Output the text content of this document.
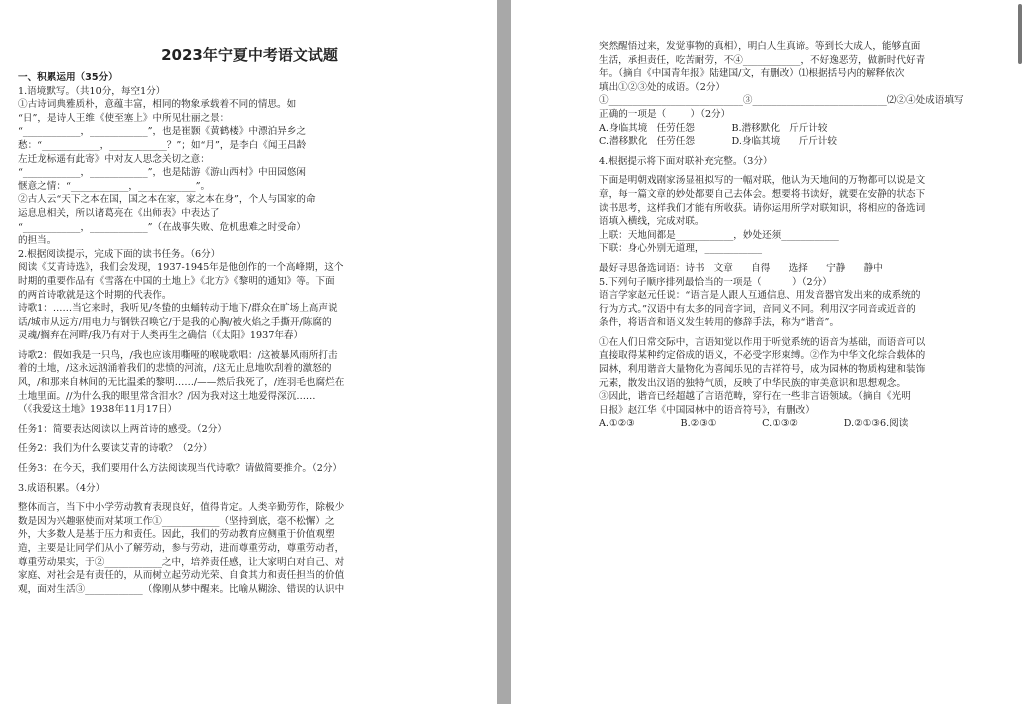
2023年宁夏中考语文试题
一、积累运用（35分）
1.语境默写。（共10分，每空1分）
①古诗词典雅质朴，意蕴丰富，相同的物象承载着不同的情思。如
“日”，是诗人王维《使至塞上》中所见壮丽之景：
“____________，____________”，也是崔颢《黄鹤楼》中漂泊异乡之
愁：“____________，____________？”；如“月”，是李白《闻王昌龄
左迁龙标遥有此寄》中对友人思念关切之意：
“____________，____________”，也是陆游《游山西村》中田园悠闲
惬意之情：“____________，____________”。
②古人云“天下之本在国，国之本在家，家之本在身”，个人与国家的命
运息息相关，所以诸葛亮在《出师表》中表达了
“____________，____________”（在战事失败、危机患难之时受命）
的担当。
2.根据阅读提示，完成下面的读书任务。（6分）
阅读《艾青诗选》，我们会发现，1937-1945年是他创作的一个高峰期，这个
时期的重要作品有《雪落在中国的土地上》《北方》《黎明的通知》等。下面
的两首诗歌就是这个时期的代表作。
诗歌1：……当它来时，我听见/冬蛰的虫蛹转动于地下/群众在旷场上高声说
话/城市从远方/用电力与钢铁召唤它/于是我的心胸/被火焰之手撕开/陈腐的
灵魂/搁弃在河畔/我乃有对于人类再生之确信（《太阳》1937年春）
诗歌2：假如我是一只鸟，/我也应该用嘶哑的喉咙歌唱：/这被暴风雨所打击
着的土地，/这永远汹涌着我们的悲愤的河流，/这无止息地吹刮着的激怒的
风，/和那来自林间的无比温柔的黎明……/——然后我死了，/连羽毛也腐烂在
土地里面。//为什么我的眼里常含泪水？/因为我对这土地爱得深沉……
（《我爱这土地》1938年11月17日）
任务1：简要表达阅读以上两首诗的感受。（2分）
任务2：我们为什么要读艾青的诗歌？（2分）
任务3：在今天，我们要用什么方法阅读现当代诗歌？请做简要推介。（2分）
3.成语积累。（4分）
整体而言，当下中小学劳动教育表现良好，值得肯定。人类辛勤劳作，除极少
数是因为兴趣驱使而对某项工作①____________（坚持到底，毫不松懈）之
外，大多数人是基于压力和责任。因此，我们的劳动教育应侧重于价值观塑
造，主要是让同学们从小了解劳动，参与劳动，进而尊重劳动，尊重劳动者，
尊重劳动果实，于②____________之中，培养责任感，让大家明白对自己、对
家庭、对社会是有责任的，从而树立起劳动光荣、自食其力和责任担当的价值
观，面对生活③____________（像刚从梦中醒来。比喻从糊涂、错误的认识中
突然醒悟过来，发觉事物的真相），明白人生真谛。等到长大成人，能够直面
生活，承担责任，吃苦耐劳，不④____________，不好逸恶劳，做新时代好青
年。（摘自《中国青年报》陆建国/文，有删改）⑴根据括号内的解释依次
填出①②③处的成语。（2分）
①____________________________③____________________________⑵②④处成语填写
正确的一项是（        ）（2分）
A.身临其境   任劳任怨            B.潜移默化   斤斤计较
C.潜移默化   任劳任怨            D.身临其境      斤斤计较
4.根据提示将下面对联补充完整。（3分）
下面是明朝戏剧家汤显祖拟写的一幅对联，他认为天地间的万物都可以说是文
章，每一篇文章的妙处都要自己去体会。想要将书读好，就要在安静的状态下
读书思考，这样我们才能有所收获。请你运用所学对联知识，将相应的备选词
语填入横线，完成对联。
上联：天地间都是____________，妙处还须____________
下联：身心外别无道理，____________
最好寻思备选词语：诗书   文章      自得      选择      宁静      静中
5.下列句子顺序排列最恰当的一项是（          ）（2分）
语言学家赵元任说：“语言是人跟人互通信息、用发音器官发出来的成系统的
行为方式。”汉语中有太多的同音字词，音同义不同。利用汉字同音或近音的
条件，将语音和语义发生转用的修辞手法，称为“谐音”。
①在人们日常交际中，言语知觉以作用于听觉系统的语音为基础，而语音可以
直接取得某种约定俗成的语义，不必受字形束缚。②作为中华文化综合载体的
园林，利用谐音大量物化为喜闻乐见的吉祥符号，成为园林的物质构建和装饰
元素，散发出汉语的独特气质，反映了中华民族的审美意识和思想观念。
③因此，谐音已经超越了言语范畴，穿行在一些非言语领域。（摘自《光明
日报》赵江华《中国园林中的语音符号》，有删改）
A.①②③               B.②③①               C.①③②               D.②①③6.阅读
